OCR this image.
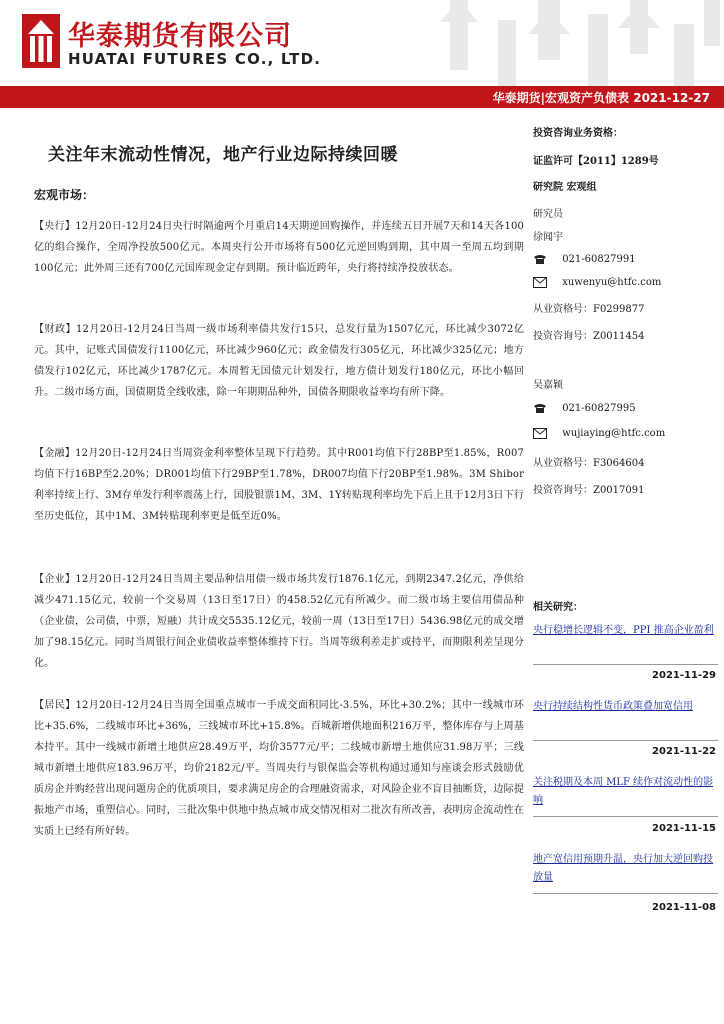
华泰期货有限公司
HUATAI FUTURES CO., LTD.
华泰期货|宏观资产负债表 2021-12-27
关注年末流动性情况，地产行业边际持续回暖
宏观市场：

【央行】12月20日-12月24日央行时隔逾两个月重启14天期逆回购操作，并连续五日开展7天和14天各100亿的组合操作，全周净投放500亿元。本周央行公开市场将有500亿元逆回购到期，其中周一至周五均到期100亿元；此外周三还有700亿元国库现金定存到期。预计临近跨年，央行将持续净投放状态。

【财政】12月20日-12月24日当周一级市场利率债共发行15只，总发行量为1507亿元，环比减少3072亿元。其中，记账式国债发行1100亿元，环比减少960亿元；政金债发行305亿元，环比减少325亿元；地方债发行102亿元，环比减少1787亿元。本周暂无国债元计划发行，地方债计划发行180亿元，环比小幅回升。二级市场方面，国债期货全线收涨，除一年期期品种外，国债各期限收益率均有所下降。

【金融】12月20日-12月24日当周资金利率整体呈现下行趋势。其中R001均值下行28BP至1.85%，R007均值下行16BP至2.20%；DR001均值下行29BP至1.78%，DR007均值下行20BP至1.98%。3M Shibor利率持续上行、3M存单发行利率震荡上行，国股银票1M、3M、1Y转贴现利率均先下后上且于12月3日下行至历史低位，其中1M、3M转贴现利率更是低至近0%。

【企业】12月20日-12月24日当周主要品种信用债一级市场共发行1876.1亿元，到期2347.2亿元，净供给减少471.15亿元，较前一个交易周（13日至17日）的458.52亿元有所减少。而二级市场主要信用债品种（企业债，公司债，中票，短融）共计成交5535.12亿元，较前一周（13日至17日）5436.98亿元的成交增加了98.15亿元。同时当周银行间企业债收益率整体维持下行。当周等级利差走扩或持平，而期限利差呈现分化。

【居民】12月20日-12月24日当周全国重点城市一手成交面积同比-3.5%，环比+30.2%；其中一线城市环比+35.6%，二线城市环比+36%，三线城市环比+15.8%。百城新增供地面积216万平，整体库存与上周基本持平。其中一线城市新增土地供应28.49万平，均价3577元/平；二线城市新增土地供应31.98万平；三线城市新增土地供应183.96万平，均价2182元/平。当周央行与银保监会等机构通过通知与座谈会形式鼓励优质房企并购经营出现问题房企的优质项目，要求满足房企的合理融资需求，对风险企业不盲目抽断贷，边际提振地产市场，重塑信心。同时，三批次集中供地中热点城市成交情况相对二批次有所改善，表明房企流动性在实质上已经有所好转。

投资咨询业务资格：
证监许可【2011】1289号
研究院 宏观组
研究员
徐闻宇
021-60827991
xuwenyu@htfc.com
从业资格号：F0299877
投资咨询号：Z0011454
吴嘉颖
021-60827995
wujiaying@htfc.com
从业资格号：F3064604
投资咨询号：Z0017091
相关研究：
央行稳增长逻辑不变，PPI 推高企业盈利
2021-11-29
央行持续结构性货币政策叠加宽信用
2021-11-22
关注税期及本周 MLF 续作对流动性的影响
2021-11-15
地产宽信用预期升温，央行加大逆回购投放量
2021-11-08
